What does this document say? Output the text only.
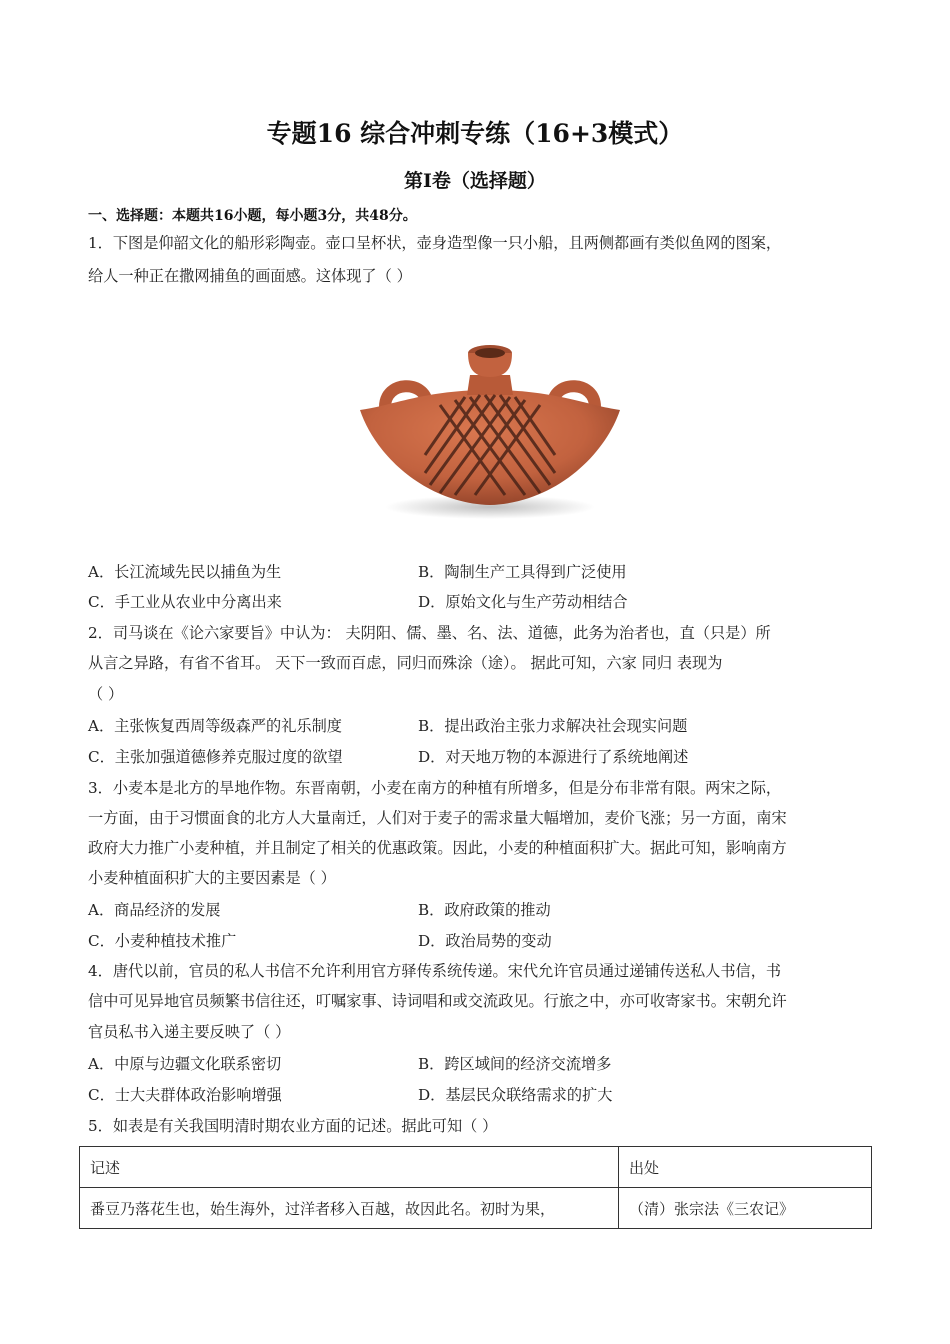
专题16 综合冲刺专练（16+3模式）
第Ⅰ卷（选择题）
一、选择题：本题共16小题，每小题3分，共48分。
1．下图是仰韶文化的船形彩陶壶。壶口呈杯状，壶身造型像一只小船，且两侧都画有类似鱼网的图案，
给人一种正在撒网捕鱼的画面感。这体现了（ ）
A．长江流域先民以捕鱼为生	B．陶制生产工具得到广泛使用
C．手工业从农业中分离出来	D．原始文化与生产劳动相结合
2．司马谈在《论六家要旨》中认为： 夫阴阳、儒、墨、名、法、道德，此务为治者也，直（只是）所
从言之异路，有省不省耳。 天下一致而百虑，同归而殊涂（途）。 据此可知，六家 同归 表现为
（ ）
A．主张恢复西周等级森严的礼乐制度	B．提出政治主张力求解决社会现实问题
C．主张加强道德修养克服过度的欲望	D．对天地万物的本源进行了系统地阐述
3．小麦本是北方的旱地作物。东晋南朝，小麦在南方的种植有所增多，但是分布非常有限。两宋之际，
一方面，由于习惯面食的北方人大量南迁，人们对于麦子的需求量大幅增加，麦价飞涨；另一方面，南宋
政府大力推广小麦种植，并且制定了相关的优惠政策。因此，小麦的种植面积扩大。据此可知，影响南方
小麦种植面积扩大的主要因素是（ ）
A．商品经济的发展	B．政府政策的推动
C．小麦种植技术推广	D．政治局势的变动
4．唐代以前，官员的私人书信不允许利用官方驿传系统传递。宋代允许官员通过递铺传送私人书信，书
信中可见异地官员频繁书信往还，叮嘱家事、诗词唱和或交流政见。行旅之中，亦可收寄家书。宋朝允许
官员私书入递主要反映了（ ）
A．中原与边疆文化联系密切	B．跨区域间的经济交流增多
C．士大夫群体政治影响增强	D．基层民众联络需求的扩大
5．如表是有关我国明清时期农业方面的记述。据此可知（ ）
记述	出处
番豆乃落花生也，始生海外，过洋者移入百越，故因此名。初时为果，	（清）张宗法《三农记》
